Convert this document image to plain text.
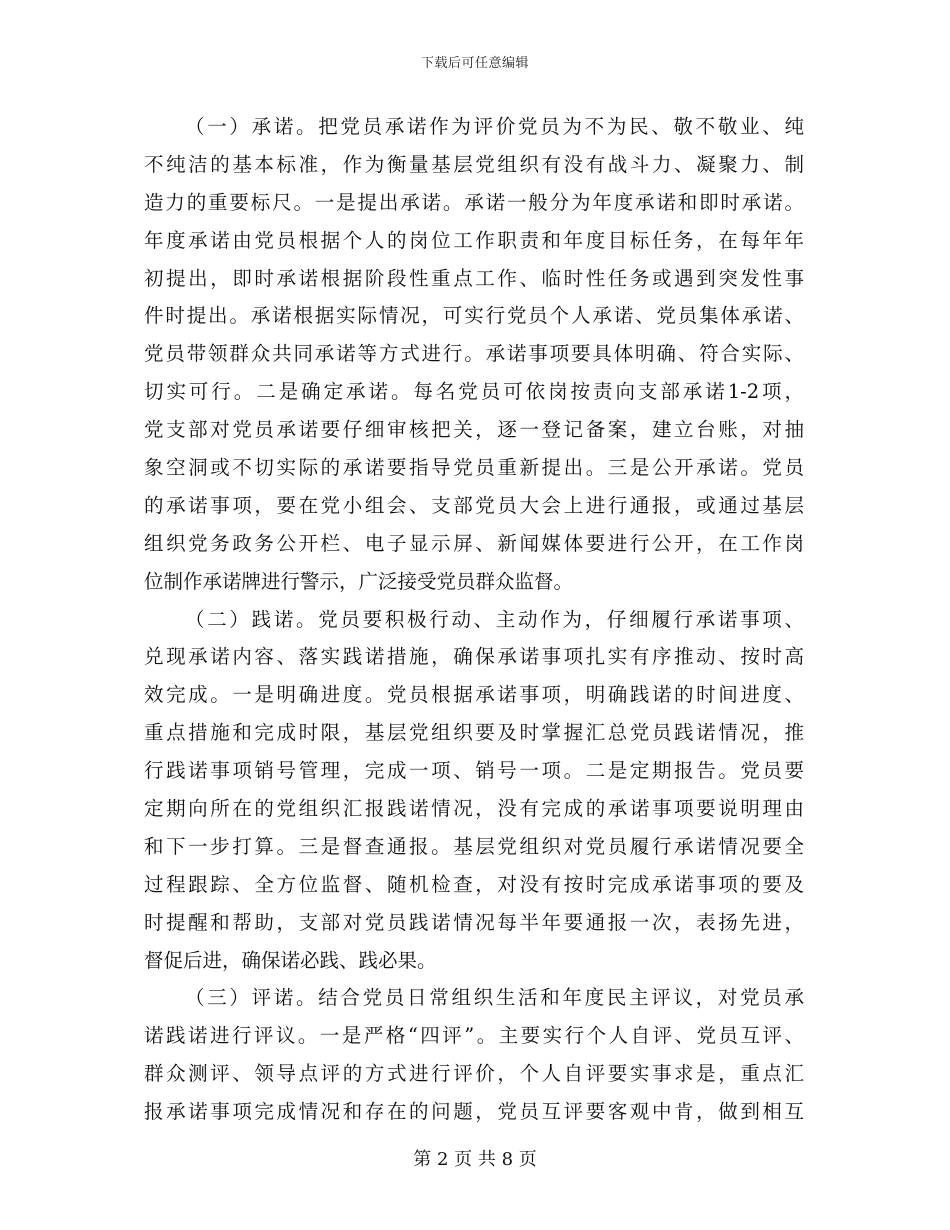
下载后可任意编辑
（一）承诺。把党员承诺作为评价党员为不为民、敬不敬业、纯
不纯洁的基本标准，作为衡量基层党组织有没有战斗力、凝聚力、制
造力的重要标尺。一是提出承诺。承诺一般分为年度承诺和即时承诺。
年度承诺由党员根据个人的岗位工作职责和年度目标任务，在每年年
初提出，即时承诺根据阶段性重点工作、临时性任务或遇到突发性事
件时提出。承诺根据实际情况，可实行党员个人承诺、党员集体承诺、
党员带领群众共同承诺等方式进行。承诺事项要具体明确、符合实际、
切实可行。二是确定承诺。每名党员可依岗按责向支部承诺1-2项，
党支部对党员承诺要仔细审核把关，逐一登记备案，建立台账，对抽
象空洞或不切实际的承诺要指导党员重新提出。三是公开承诺。党员
的承诺事项，要在党小组会、支部党员大会上进行通报，或通过基层
组织党务政务公开栏、电子显示屏、新闻媒体要进行公开，在工作岗
位制作承诺牌进行警示，广泛接受党员群众监督。
（二）践诺。党员要积极行动、主动作为，仔细履行承诺事项、
兑现承诺内容、落实践诺措施，确保承诺事项扎实有序推动、按时高
效完成。一是明确进度。党员根据承诺事项，明确践诺的时间进度、
重点措施和完成时限，基层党组织要及时掌握汇总党员践诺情况，推
行践诺事项销号管理，完成一项、销号一项。二是定期报告。党员要
定期向所在的党组织汇报践诺情况，没有完成的承诺事项要说明理由
和下一步打算。三是督查通报。基层党组织对党员履行承诺情况要全
过程跟踪、全方位监督、随机检查，对没有按时完成承诺事项的要及
时提醒和帮助，支部对党员践诺情况每半年要通报一次，表扬先进，
督促后进，确保诺必践、践必果。
（三）评诺。结合党员日常组织生活和年度民主评议，对党员承
诺践诺进行评议。一是严格“四评”。主要实行个人自评、党员互评、
群众测评、领导点评的方式进行评价，个人自评要实事求是，重点汇
报承诺事项完成情况和存在的问题，党员互评要客观中肯，做到相互
第 2 页 共 8 页
